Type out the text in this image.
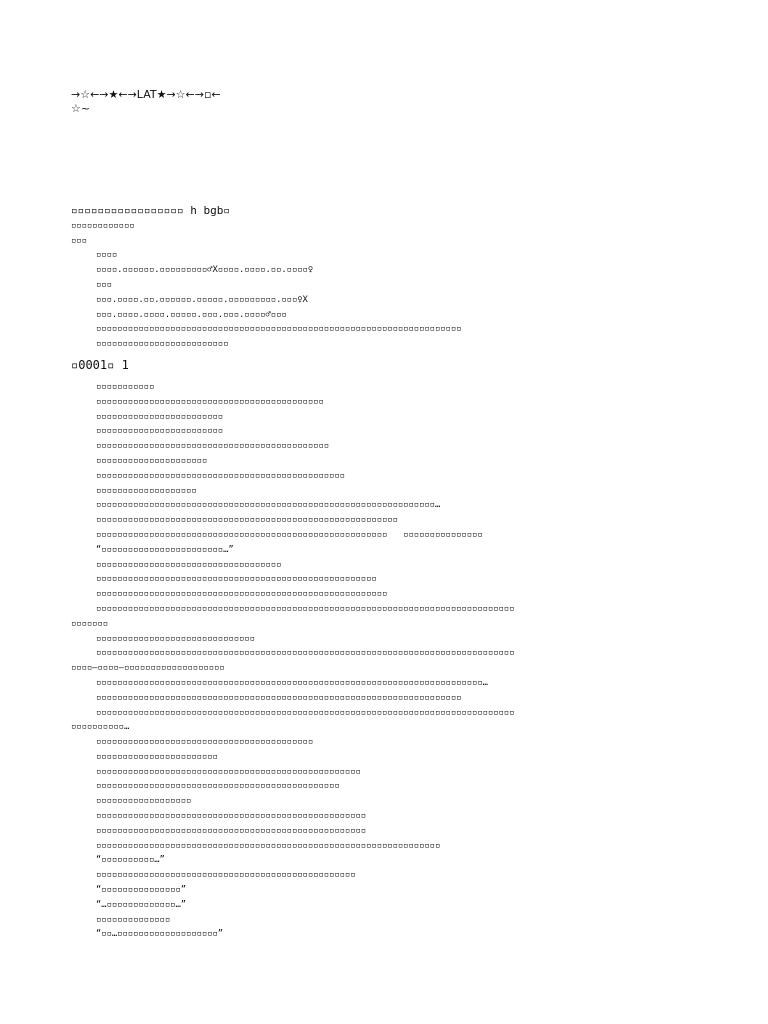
→☆←→★←→LAT★→☆←→▫←
☆~
▫▫▫▫▫▫▫▫▫▫▫▫▫▫▫▫▫ h bgb▫
▫▫▫▫▫▫▫▫▫▫▫▫
▫▫▫
▫▫▫▫
▫▫▫▫.▫▫▫▫▫▫.▫▫▫▫▫▫▫▫▫♂X▫▫▫▫.▫▫▫▫.▫▫.▫▫▫▫♀
▫▫▫
▫▫▫.▫▫▫▫.▫▫.▫▫▫▫▫▫.▫▫▫▫▫.▫▫▫▫▫▫▫▫▫.▫▫▫♀X
▫▫▫.▫▫▫▫.▫▫▫▫.▫▫▫▫▫.▫▫▫.▫▫▫.▫▫▫▫♂▫▫▫
▫▫▫▫▫▫▫▫▫▫▫▫▫▫▫▫▫▫▫▫▫▫▫▫▫▫▫▫▫▫▫▫▫▫▫▫▫▫▫▫▫▫▫▫▫▫▫▫▫▫▫▫▫▫▫▫▫▫▫▫▫▫▫▫▫▫▫▫▫
▫▫▫▫▫▫▫▫▫▫▫▫▫▫▫▫▫▫▫▫▫▫▫▫▫
▫0001▫ 1
▫▫▫▫▫▫▫▫▫▫▫
▫▫▫▫▫▫▫▫▫▫▫▫▫▫▫▫▫▫▫▫▫▫▫▫▫▫▫▫▫▫▫▫▫▫▫▫▫▫▫▫▫▫▫
▫▫▫▫▫▫▫▫▫▫▫▫▫▫▫▫▫▫▫▫▫▫▫▫
▫▫▫▫▫▫▫▫▫▫▫▫▫▫▫▫▫▫▫▫▫▫▫▫
▫▫▫▫▫▫▫▫▫▫▫▫▫▫▫▫▫▫▫▫▫▫▫▫▫▫▫▫▫▫▫▫▫▫▫▫▫▫▫▫▫▫▫▫
▫▫▫▫▫▫▫▫▫▫▫▫▫▫▫▫▫▫▫▫▫
▫▫▫▫▫▫▫▫▫▫▫▫▫▫▫▫▫▫▫▫▫▫▫▫▫▫▫▫▫▫▫▫▫▫▫▫▫▫▫▫▫▫▫▫▫▫▫
▫▫▫▫▫▫▫▫▫▫▫▫▫▫▫▫▫▫▫
▫▫▫▫▫▫▫▫▫▫▫▫▫▫▫▫▫▫▫▫▫▫▫▫▫▫▫▫▫▫▫▫▫▫▫▫▫▫▫▫▫▫▫▫▫▫▫▫▫▫▫▫▫▫▫▫▫▫▫▫▫▫▫▫…
▫▫▫▫▫▫▫▫▫▫▫▫▫▫▫▫▫▫▫▫▫▫▫▫▫▫▫▫▫▫▫▫▫▫▫▫▫▫▫▫▫▫▫▫▫▫▫▫▫▫▫▫▫▫▫▫▫
▫▫▫▫▫▫▫▫▫▫▫▫▫▫▫▫▫▫▫▫▫▫▫▫▫▫▫▫▫▫▫▫▫▫▫▫▫▫▫▫▫▫▫▫▫▫▫▫▫▫▫▫▫▫▫   ▫▫▫▫▫▫▫▫▫▫▫▫▫▫▫
“▫▫▫▫▫▫▫▫▫▫▫▫▫▫▫▫▫▫▫▫▫▫▫…”
▫▫▫▫▫▫▫▫▫▫▫▫▫▫▫▫▫▫▫▫▫▫▫▫▫▫▫▫▫▫▫▫▫▫▫
▫▫▫▫▫▫▫▫▫▫▫▫▫▫▫▫▫▫▫▫▫▫▫▫▫▫▫▫▫▫▫▫▫▫▫▫▫▫▫▫▫▫▫▫▫▫▫▫▫▫▫▫▫
▫▫▫▫▫▫▫▫▫▫▫▫▫▫▫▫▫▫▫▫▫▫▫▫▫▫▫▫▫▫▫▫▫▫▫▫▫▫▫▫▫▫▫▫▫▫▫▫▫▫▫▫▫▫▫
▫▫▫▫▫▫▫▫▫▫▫▫▫▫▫▫▫▫▫▫▫▫▫▫▫▫▫▫▫▫▫▫▫▫▫▫▫▫▫▫▫▫▫▫▫▫▫▫▫▫▫▫▫▫▫▫▫▫▫▫▫▫▫▫▫▫▫▫▫▫▫▫▫▫▫▫▫▫▫
▫▫▫▫▫▫▫
▫▫▫▫▫▫▫▫▫▫▫▫▫▫▫▫▫▫▫▫▫▫▫▫▫▫▫▫▫▫
▫▫▫▫▫▫▫▫▫▫▫▫▫▫▫▫▫▫▫▫▫▫▫▫▫▫▫▫▫▫▫▫▫▫▫▫▫▫▫▫▫▫▫▫▫▫▫▫▫▫▫▫▫▫▫▫▫▫▫▫▫▫▫▫▫▫▫▫▫▫▫▫▫▫▫▫▫▫▫
▫▫▫▫—▫▫▫▫—▫▫▫▫▫▫▫▫▫▫▫▫▫▫▫▫▫▫▫
▫▫▫▫▫▫▫▫▫▫▫▫▫▫▫▫▫▫▫▫▫▫▫▫▫▫▫▫▫▫▫▫▫▫▫▫▫▫▫▫▫▫▫▫▫▫▫▫▫▫▫▫▫▫▫▫▫▫▫▫▫▫▫▫▫▫▫▫▫▫▫▫▫…
▫▫▫▫▫▫▫▫▫▫▫▫▫▫▫▫▫▫▫▫▫▫▫▫▫▫▫▫▫▫▫▫▫▫▫▫▫▫▫▫▫▫▫▫▫▫▫▫▫▫▫▫▫▫▫▫▫▫▫▫▫▫▫▫▫▫▫▫▫
▫▫▫▫▫▫▫▫▫▫▫▫▫▫▫▫▫▫▫▫▫▫▫▫▫▫▫▫▫▫▫▫▫▫▫▫▫▫▫▫▫▫▫▫▫▫▫▫▫▫▫▫▫▫▫▫▫▫▫▫▫▫▫▫▫▫▫▫▫▫▫▫▫▫▫▫▫▫▫
▫▫▫▫▫▫▫▫▫▫…
▫▫▫▫▫▫▫▫▫▫▫▫▫▫▫▫▫▫▫▫▫▫▫▫▫▫▫▫▫▫▫▫▫▫▫▫▫▫▫▫▫
▫▫▫▫▫▫▫▫▫▫▫▫▫▫▫▫▫▫▫▫▫▫▫
▫▫▫▫▫▫▫▫▫▫▫▫▫▫▫▫▫▫▫▫▫▫▫▫▫▫▫▫▫▫▫▫▫▫▫▫▫▫▫▫▫▫▫▫▫▫▫▫▫▫
▫▫▫▫▫▫▫▫▫▫▫▫▫▫▫▫▫▫▫▫▫▫▫▫▫▫▫▫▫▫▫▫▫▫▫▫▫▫▫▫▫▫▫▫▫▫
▫▫▫▫▫▫▫▫▫▫▫▫▫▫▫▫▫▫
▫▫▫▫▫▫▫▫▫▫▫▫▫▫▫▫▫▫▫▫▫▫▫▫▫▫▫▫▫▫▫▫▫▫▫▫▫▫▫▫▫▫▫▫▫▫▫▫▫▫▫
▫▫▫▫▫▫▫▫▫▫▫▫▫▫▫▫▫▫▫▫▫▫▫▫▫▫▫▫▫▫▫▫▫▫▫▫▫▫▫▫▫▫▫▫▫▫▫▫▫▫▫
▫▫▫▫▫▫▫▫▫▫▫▫▫▫▫▫▫▫▫▫▫▫▫▫▫▫▫▫▫▫▫▫▫▫▫▫▫▫▫▫▫▫▫▫▫▫▫▫▫▫▫▫▫▫▫▫▫▫▫▫▫▫▫▫▫
“▫▫▫▫▫▫▫▫▫▫…”
▫▫▫▫▫▫▫▫▫▫▫▫▫▫▫▫▫▫▫▫▫▫▫▫▫▫▫▫▫▫▫▫▫▫▫▫▫▫▫▫▫▫▫▫▫▫▫▫▫
“▫▫▫▫▫▫▫▫▫▫▫▫▫▫▫”
“…▫▫▫▫▫▫▫▫▫▫▫▫▫…”
▫▫▫▫▫▫▫▫▫▫▫▫▫▫
“▫▫…▫▫▫▫▫▫▫▫▫▫▫▫▫▫▫▫▫▫▫”
